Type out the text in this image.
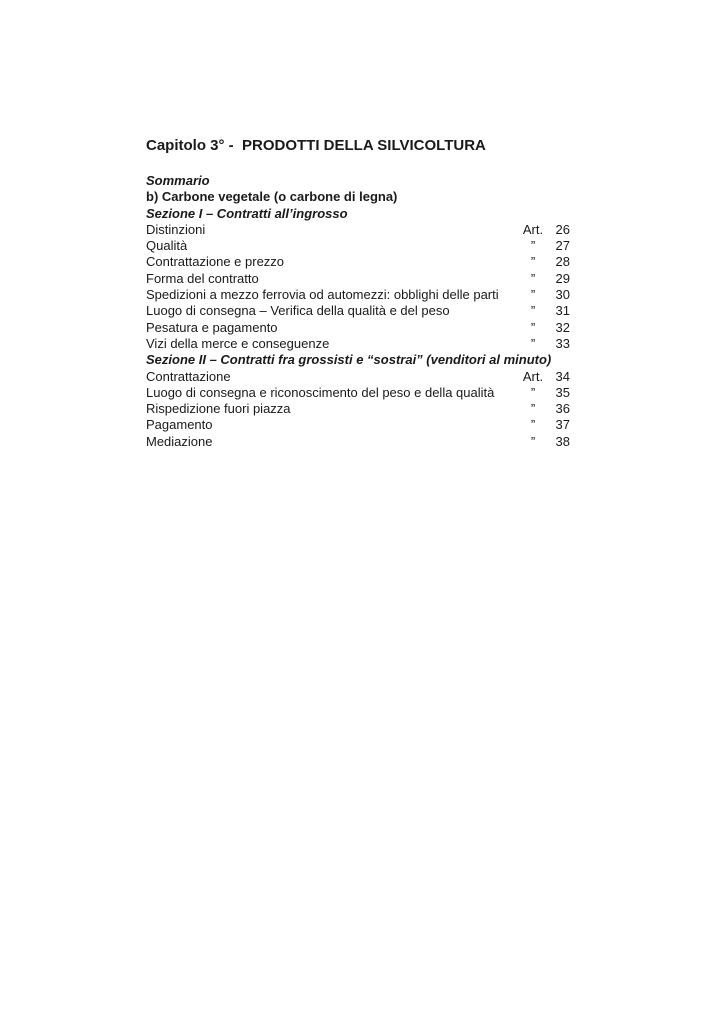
Capitolo 3° -  PRODOTTI DELLA SILVICOLTURA
Sommario
b) Carbone vegetale (o carbone di legna)
Sezione I – Contratti all’ingrosso
Distinzioni	Art. 26
Qualità	”	27
Contrattazione e prezzo	”	28
Forma del contratto	”	29
Spedizioni a mezzo ferrovia od automezzi: obblighi delle parti	”	30
Luogo di consegna – Verifica della qualità e del peso	”	31
Pesatura e pagamento	”	32
Vizi della merce e conseguenze	”	33
Sezione II – Contratti fra grossisti e “sostrai” (venditori al minuto)
Contrattazione	Art. 34
Luogo di consegna e riconoscimento del peso e della qualità	”	35
Rispedizione fuori piazza	”	36
Pagamento	”	37
Mediazione	”	38
